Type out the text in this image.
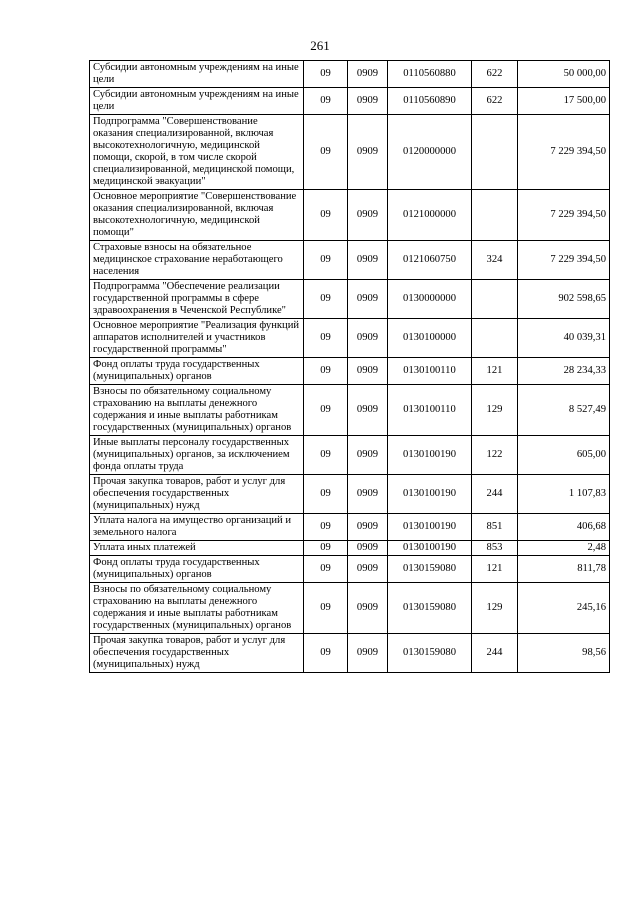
261
Субсидии автономным учреждениям на иные цели	09	0909	0110560880	622	50 000,00
Субсидии автономным учреждениям на иные цели	09	0909	0110560890	622	17 500,00
Подпрограмма "Совершенствование оказания специализированной, включая высокотехнологичную, медицинской помощи, скорой, в том числе скорой специализированной, медицинской помощи, медицинской эвакуации"	09	0909	0120000000		7 229 394,50
Основное мероприятие "Совершенствование оказания специализированной, включая высокотехнологичную, медицинской помощи"	09	0909	0121000000		7 229 394,50
Страховые взносы на обязательное медицинское страхование неработающего населения	09	0909	0121060750	324	7 229 394,50
Подпрограмма "Обеспечение реализации государственной программы в сфере здравоохранения в Чеченской Республике"	09	0909	0130000000		902 598,65
Основное мероприятие "Реализация функций аппаратов исполнителей и участников государственной программы"	09	0909	0130100000		40 039,31
Фонд оплаты труда государственных (муниципальных) органов	09	0909	0130100110	121	28 234,33
Взносы по обязательному социальному страхованию на выплаты денежного содержания и иные выплаты работникам государственных (муниципальных) органов	09	0909	0130100110	129	8 527,49
Иные выплаты персоналу государственных (муниципальных) органов, за исключением фонда оплаты труда	09	0909	0130100190	122	605,00
Прочая закупка товаров, работ и услуг для обеспечения государственных (муниципальных) нужд	09	0909	0130100190	244	1 107,83
Уплата налога на имущество организаций и земельного налога	09	0909	0130100190	851	406,68
Уплата иных платежей	09	0909	0130100190	853	2,48
Фонд оплаты труда государственных (муниципальных) органов	09	0909	0130159080	121	811,78
Взносы по обязательному социальному страхованию на выплаты денежного содержания и иные выплаты работникам государственных (муниципальных) органов	09	0909	0130159080	129	245,16
Прочая закупка товаров, работ и услуг для обеспечения государственных (муниципальных) нужд	09	0909	0130159080	244	98,56
